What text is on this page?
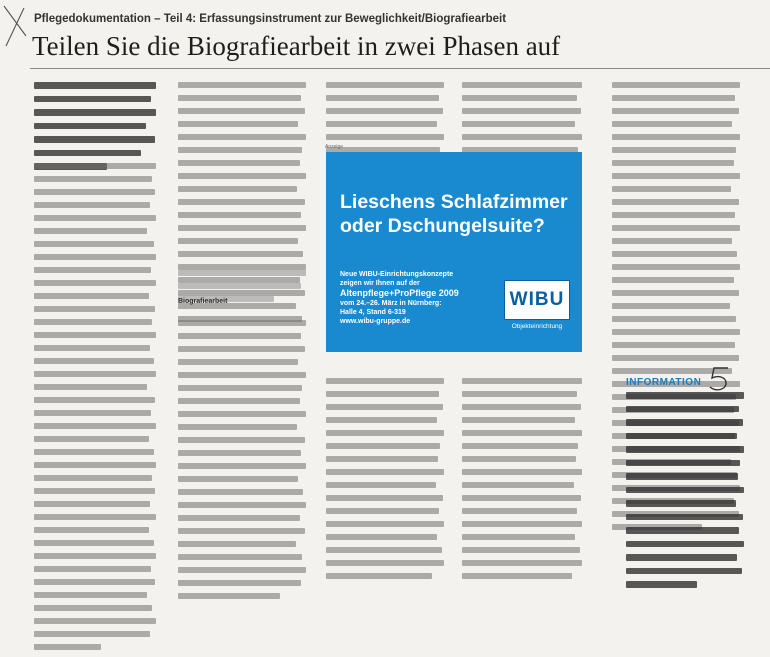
Pflegedokumentation – Teil 4: Erfassungsinstrument zur Beweglichkeit/Biografiearbeit
Teilen Sie die Biografiearbeit in zwei Phasen auf
Biografiearbeit
Anzeige
Lieschens Schlafzimmer oder Dschungelsuite?
Neue WIBU-Einrichtungskonzepte
zeigen wir Ihnen auf der
Altenpflege+ProPflege 2009
vom 24.–26. März in Nürnberg:
Halle 4, Stand 6-319
www.wibu-gruppe.de
WIBU
Objekteinrichtung
INFORMATION
